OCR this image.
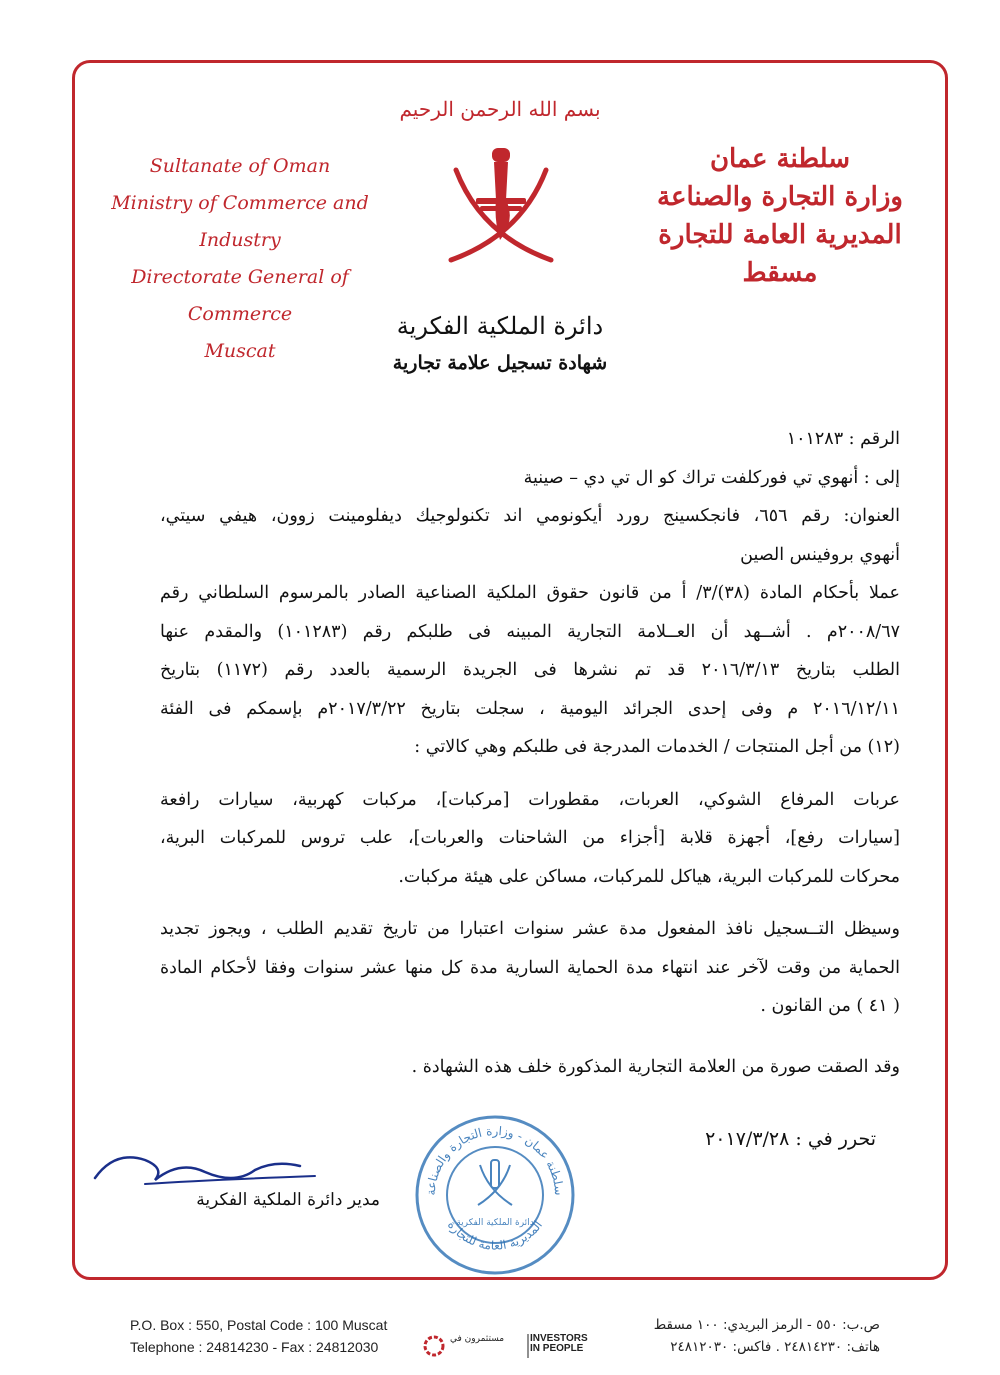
بسم الله الرحمن الرحيم
Sultanate of Oman
Ministry of Commerce and Industry
Directorate General of Commerce
Muscat
سلطنة عمان
وزارة التجارة والصناعة
المديرية العامة للتجارة
مسقط
دائرة الملكية الفكرية
شهادة تسجيل علامة تجارية
الرقم : ١٠١٢٨٣
إلى : أنهوي تي فوركلفت تراك كو ال تي دي – صينية
العنوان: رقم ٦٥٦، فانجكسينج رورد أيكونومي اند تكنولوجيك ديفلومينت زوون، هيفي سيتي،
أنهوي بروفينس الصين
عملا بأحكام المادة (٣٨)/٣/ أ من قانون حقوق الملكية الصناعية الصادر بالمرسوم السلطاني رقم
٢٠٠٨/٦٧م . أشــهد أن العــلامة التجارية المبينه فى طلبكم رقم (١٠١٢٨٣) والمقدم عنها
الطلب بتاريخ ٢٠١٦/٣/١٣ قد تم نشرها فى الجريدة الرسمية بالعدد رقم (١١٧٢) بتاريخ
٢٠١٦/١٢/١١ م وفى إحدى الجرائد اليومية ، سجلت بتاريخ ٢٠١٧/٣/٢٢م بإسمكم فى الفئة
(١٢) من أجل المنتجات / الخدمات المدرجة فى طلبكم وهي كالاتي :
عربات المرفاع الشوكي، العربات، مقطورات [مركبات]، مركبات كهربية، سيارات رافعة
[سيارات رفع]، أجهزة قلابة [أجزاء من الشاحنات والعربات]، علب تروس للمركبات البرية،
محركات للمركبات البرية، هياكل للمركبات، مساكن على هيئة مركبات.
وسيظل التــسجيل نافذ المفعول مدة عشر سنوات اعتبارا من تاريخ تقديم الطلب ، ويجوز تجديد
الحماية من وقت لآخر عند انتهاء مدة الحماية السارية مدة كل منها عشر سنوات وفقا لأحكام المادة
( ٤١ ) من القانون .
وقد الصقت صورة من العلامة التجارية المذكورة خلف هذه الشهادة .
تحرر في : ٢٠١٧/٣/٢٨
مدير دائرة الملكية الفكرية	سلطنة عمان - وزارة التجارة والصناعة
المديرية العامة للتجارة
دائرة الملكية الفكرية
P.O. Box : 550, Postal Code : 100 Muscat
Telephone : 24814230 - Fax : 24812030	مستثمرون في	INVESTORS IN PEOPLE
ص.ب: ٥٥٠ - الرمز البريدي: ١٠٠ مسقط
هاتف: ٢٤٨١٤٢٣٠ . فاكس: ٢٤٨١٢٠٣٠
